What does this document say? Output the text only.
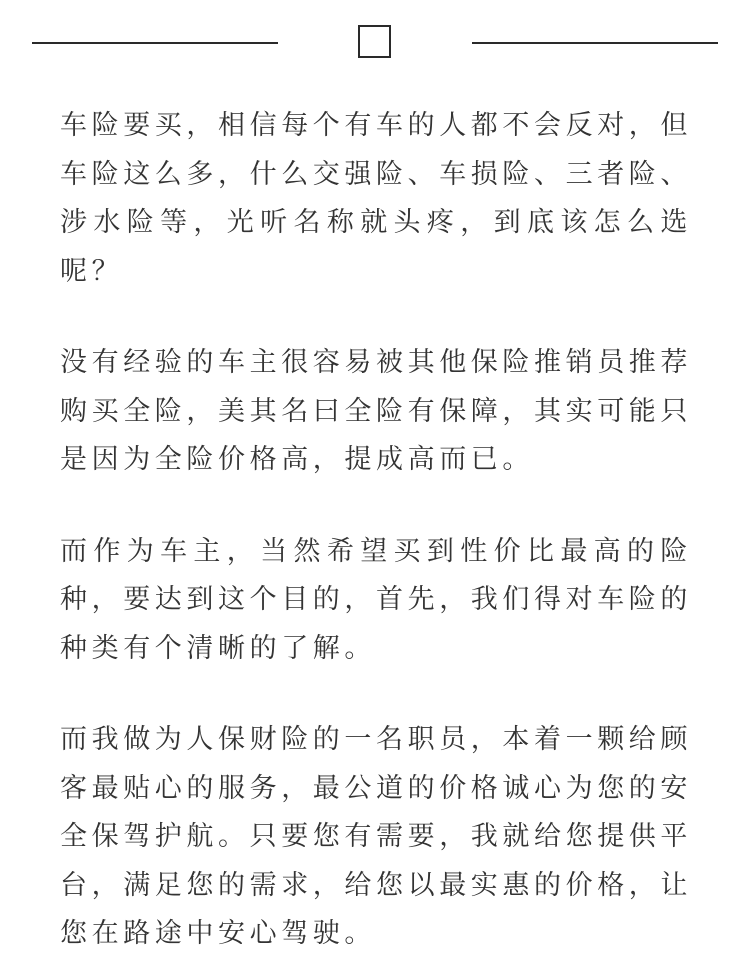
车险要买，相信每个有车的人都不会反对，但车险这么多，什么交强险、车损险、三者险、涉水险等，光听名称就头疼，到底该怎么选呢？

没有经验的车主很容易被其他保险推销员推荐购买全险，美其名曰全险有保障，其实可能只是因为全险价格高，提成高而已。

而作为车主，当然希望买到性价比最高的险种，要达到这个目的，首先，我们得对车险的种类有个清晰的了解。

而我做为人保财险的一名职员，本着一颗给顾客最贴心的服务，最公道的价格诚心为您的安全保驾护航。只要您有需要，我就给您提供平台，满足您的需求，给您以最实惠的价格，让您在路途中安心驾驶。
